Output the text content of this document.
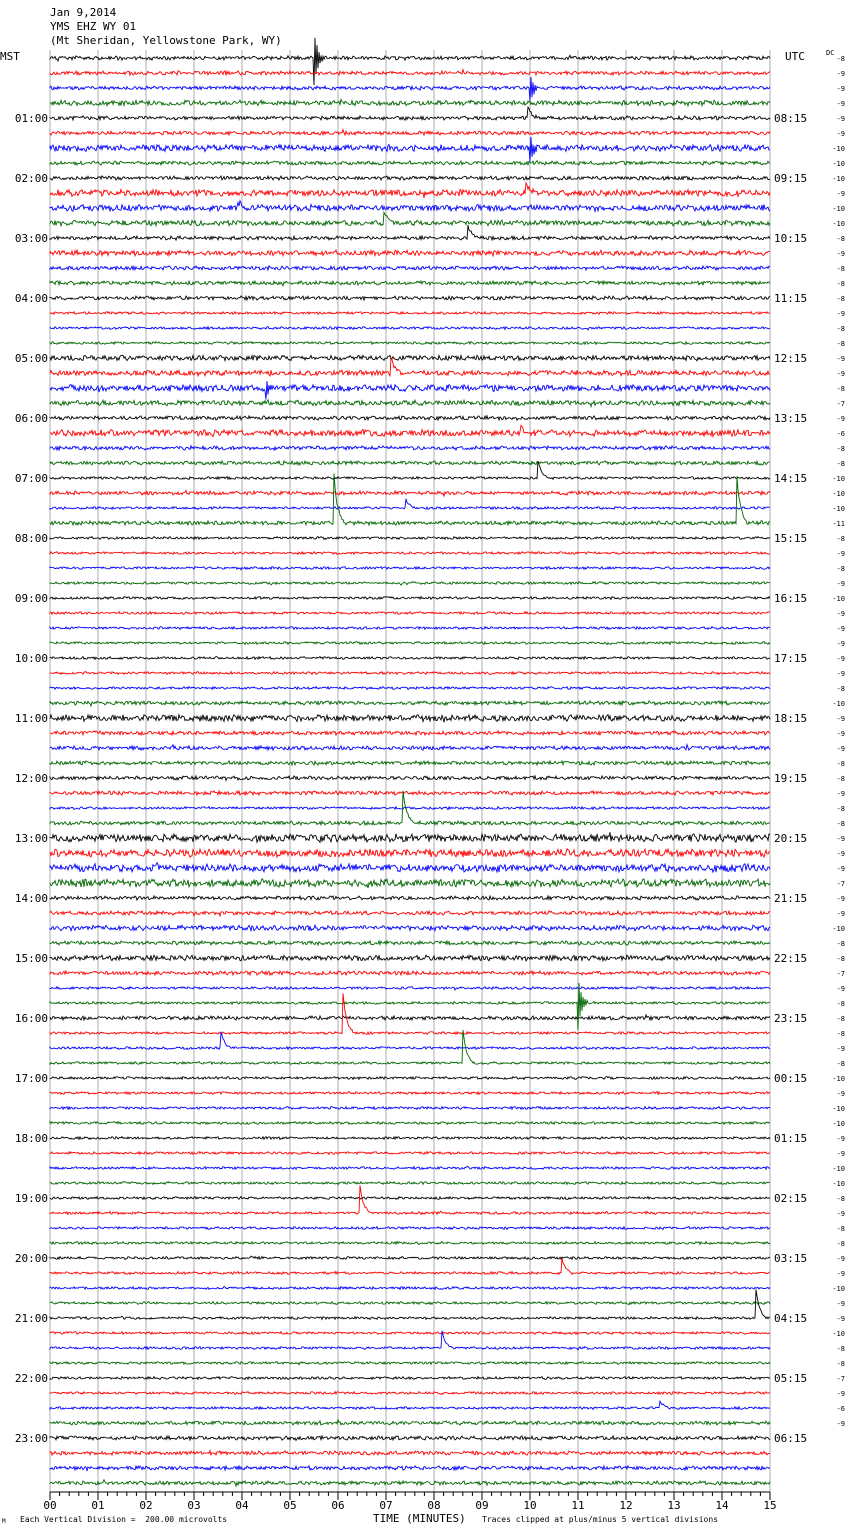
00	01	02	03	04	05	06	07	08	09	10	11	12	13	14	15
-8
-9
-9
-9
-9
01:00	08:15
-9
-10
-10
-10
02:00	09:15
-9
-10
-10
-8
03:00	10:15
-9
-8
-8
-8
04:00	11:15
-9
-8
-8
-9
05:00	12:15
-9
-8
-7
-9
06:00	13:15
-6
-8
-8
-10
07:00	14:15
-10
-10
-11
-8
08:00	15:15
-9
-8
-9
-10
09:00	16:15
-9
-9
-9
-9
10:00	17:15
-9
-8
-10
-9
11:00	18:15
-9
-9
-8
-8
12:00	19:15
-9
-8
-8
-9
13:00	20:15
-9
-9
-7
-9
14:00	21:15
-9
-10
-8
-8
15:00	22:15
-7
-9
-8
-8
16:00	23:15
-8
-9
-8
-10
17:00	00:15
-9
-10
-10
-9
18:00	01:15
-9
-10
-10
-8
19:00	02:15
-9
-8
-8
-9
20:00	03:15
-9
-10
-9
-9
21:00	04:15
-10
-8
-8
-7
22:00	05:15
-9
-6
-9
23:00	06:15
Jan 9,2014
YMS EHZ WY 01
(Mt Sheridan, Yellowstone Park, WY)
MST	UTC	DC
M Each Vertical Division =  200.00 microvolts	TIME (MINUTES) Traces clipped at plus/minus 5 vertical divisions
